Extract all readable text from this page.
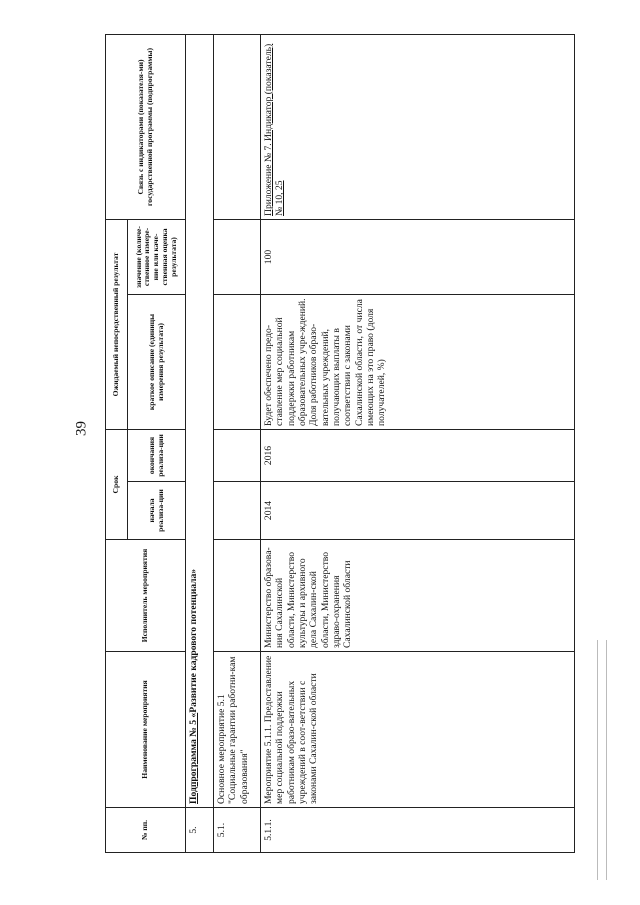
39
№ пп.	Наименование мероприятия	Исполнитель мероприятия	Срок		Ожидаемый непосредственный результат		Связь с индикаторами (показателя-ми) государственной программы (подпрограммы)
			начала реализа-ции	окончания реализа-ции	краткое описание (единицы измерения результата)	значение (количе-ственное измере-ние или каче-ственная оценка результата)	
5.	Подпрограмма № 5 «Развитие кадрового потенциала»						
5.1.	Основное мероприятие 5.1 "Социальные гарантии работни-кам образования"						
5.1.1.	Мероприятие 5.1.1. Предоставление мер социальной поддержки работникам образо-вательных учреждений в соот-ветствии с законами Сахалин-ской области	Министерство образова-ния Сахалинской области, Министерство культуры и архивного дела Сахалин-ской области, Министерство здраво-охранения Сахалинской области	2014	2016	Будет обеспечено предо-ставление мер социальной поддержки работникам образовательных учре-ждений. Доля работников образо-вательных учреждений, получающих выплаты в соответствии с законами Сахалинской области, от числа имеющих на это право (доля получателей, %)	100	Приложение № 7. Индикатор (показатель) № 10, 25
